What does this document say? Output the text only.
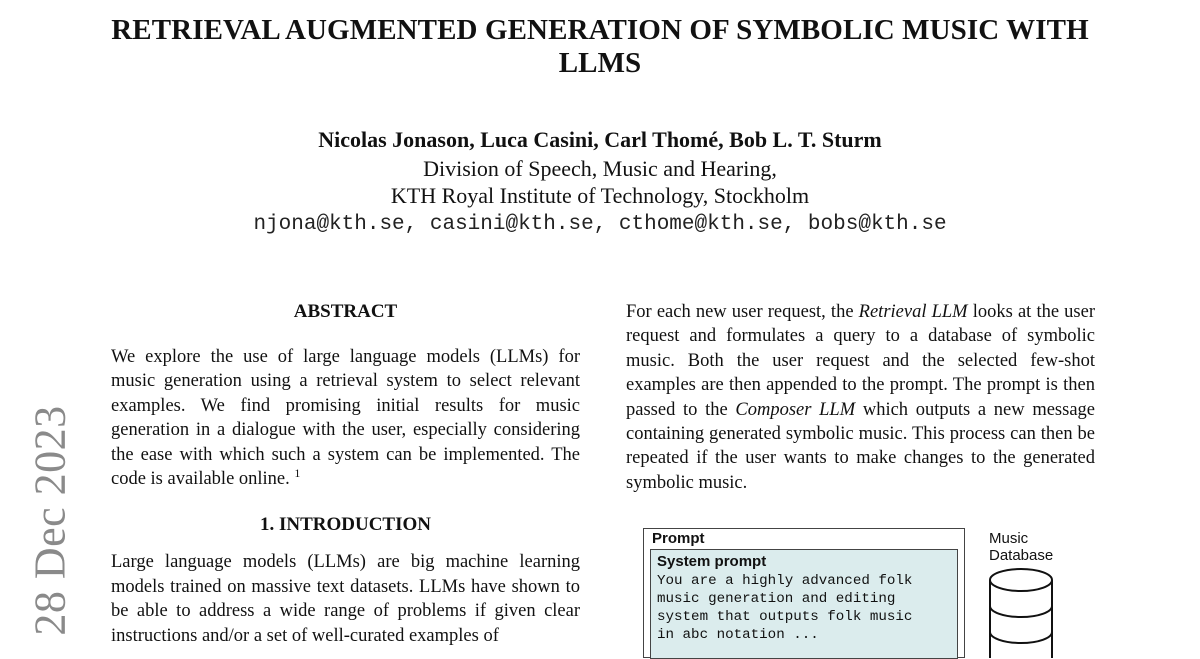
RETRIEVAL AUGMENTED GENERATION OF SYMBOLIC MUSIC WITH
LLMS
Nicolas Jonason, Luca Casini, Carl Thomé, Bob L. T. Sturm
Division of Speech, Music and Hearing,
KTH Royal Institute of Technology, Stockholm
njona@kth.se, casini@kth.se, cthome@kth.se, bobs@kth.se
28 Dec 2023
ABSTRACT

We explore the use of large language models (LLMs) for music generation using a retrieval system to select relevant examples. We find promising initial results for music generation in a dialogue with the user, especially considering the ease with which such a system can be implemented. The code is available online. $^1$

1. INTRODUCTION

Large language models (LLMs) are big machine learning models trained on massive text datasets. LLMs have shown to be able to address a wide range of problems if given clear instructions and/or a set of well-curated examples of

For each new user request, the Retrieval LLM looks at the user request and formulates a query to a database of symbolic music. Both the user request and the selected few-shot examples are then appended to the prompt. The prompt is then passed to the Composer LLM which outputs a new message containing generated symbolic music. This process can then be repeated if the user wants to make changes to the generated symbolic music.

Prompt
System prompt
You are a highly advanced folk
music generation and editing
system that outputs folk music
in abc notation ...
Music
Database
